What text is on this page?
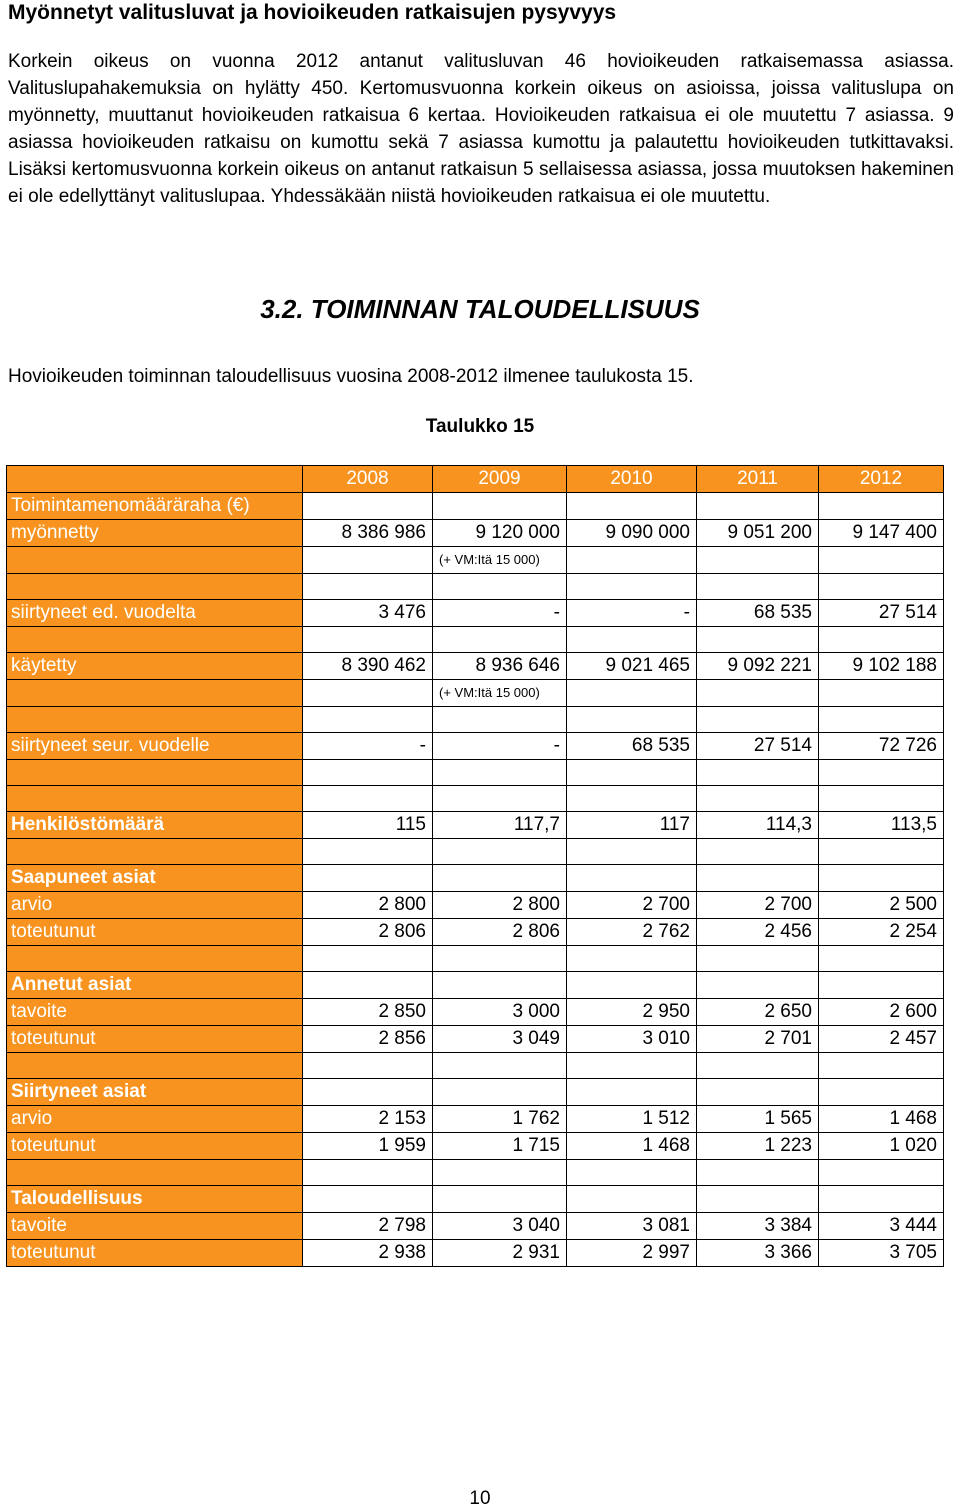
Myönnetyt valitusluvat ja hovioikeuden ratkaisujen pysyvyys

Korkein oikeus on vuonna 2012 antanut valitusluvan 46 hovioikeuden ratkaisemassa asiassa. Valituslupahakemuksia on hylätty 450. Kertomusvuonna korkein oikeus on asioissa, joissa valituslupa on myönnetty, muuttanut hovioikeuden ratkaisua 6 kertaa. Hovioikeuden ratkaisua ei ole muutettu 7 asiassa. 9 asiassa hovioikeuden ratkaisu on kumottu sekä 7 asiassa kumottu ja palautettu hovioikeuden tutkittavaksi. Lisäksi kertomusvuonna korkein oikeus on antanut ratkaisun 5 sellaisessa asiassa, jossa muutoksen hakeminen ei ole edellyttänyt valituslupaa. Yhdessäkään niistä hovioikeuden ratkaisua ei ole muutettu.

3.2. TOIMINNAN TALOUDELLISUUS
Hovioikeuden toiminnan taloudellisuus vuosina 2008-2012 ilmenee taulukosta 15.
Taulukko 15
	2008	2009	2010	2011	2012
Toimintamenomääräraha (€)					
myönnetty	8 386 986	9 120 000	9 090 000	9 051 200	9 147 400

		(+ VM:Itä 15 000)			

siirtyneet ed. vuodelta	3 476	-	-	68 535	27 514

käytetty	8 390 462	8 936 646	9 021 465	9 092 221	9 102 188

		(+ VM:Itä 15 000)			

siirtyneet seur. vuodelle	-	-	68 535	27 514	72 726

Henkilöstömäärä	115	117,7	117	114,3	113,5

Saapuneet asiat					
arvio	2 800	2 800	2 700	2 700	2 500
toteutunut	2 806	2 806	2 762	2 456	2 254

Annetut asiat					
tavoite	2 850	3 000	2 950	2 650	2 600
toteutunut	2 856	3 049	3 010	2 701	2 457

Siirtyneet asiat					
arvio	2 153	1 762	1 512	1 565	1 468
toteutunut	1 959	1 715	1 468	1 223	1 020

Taloudellisuus					
tavoite	2 798	3 040	3 081	3 384	3 444
toteutunut	2 938	2 931	2 997	3 366	3 705
10
